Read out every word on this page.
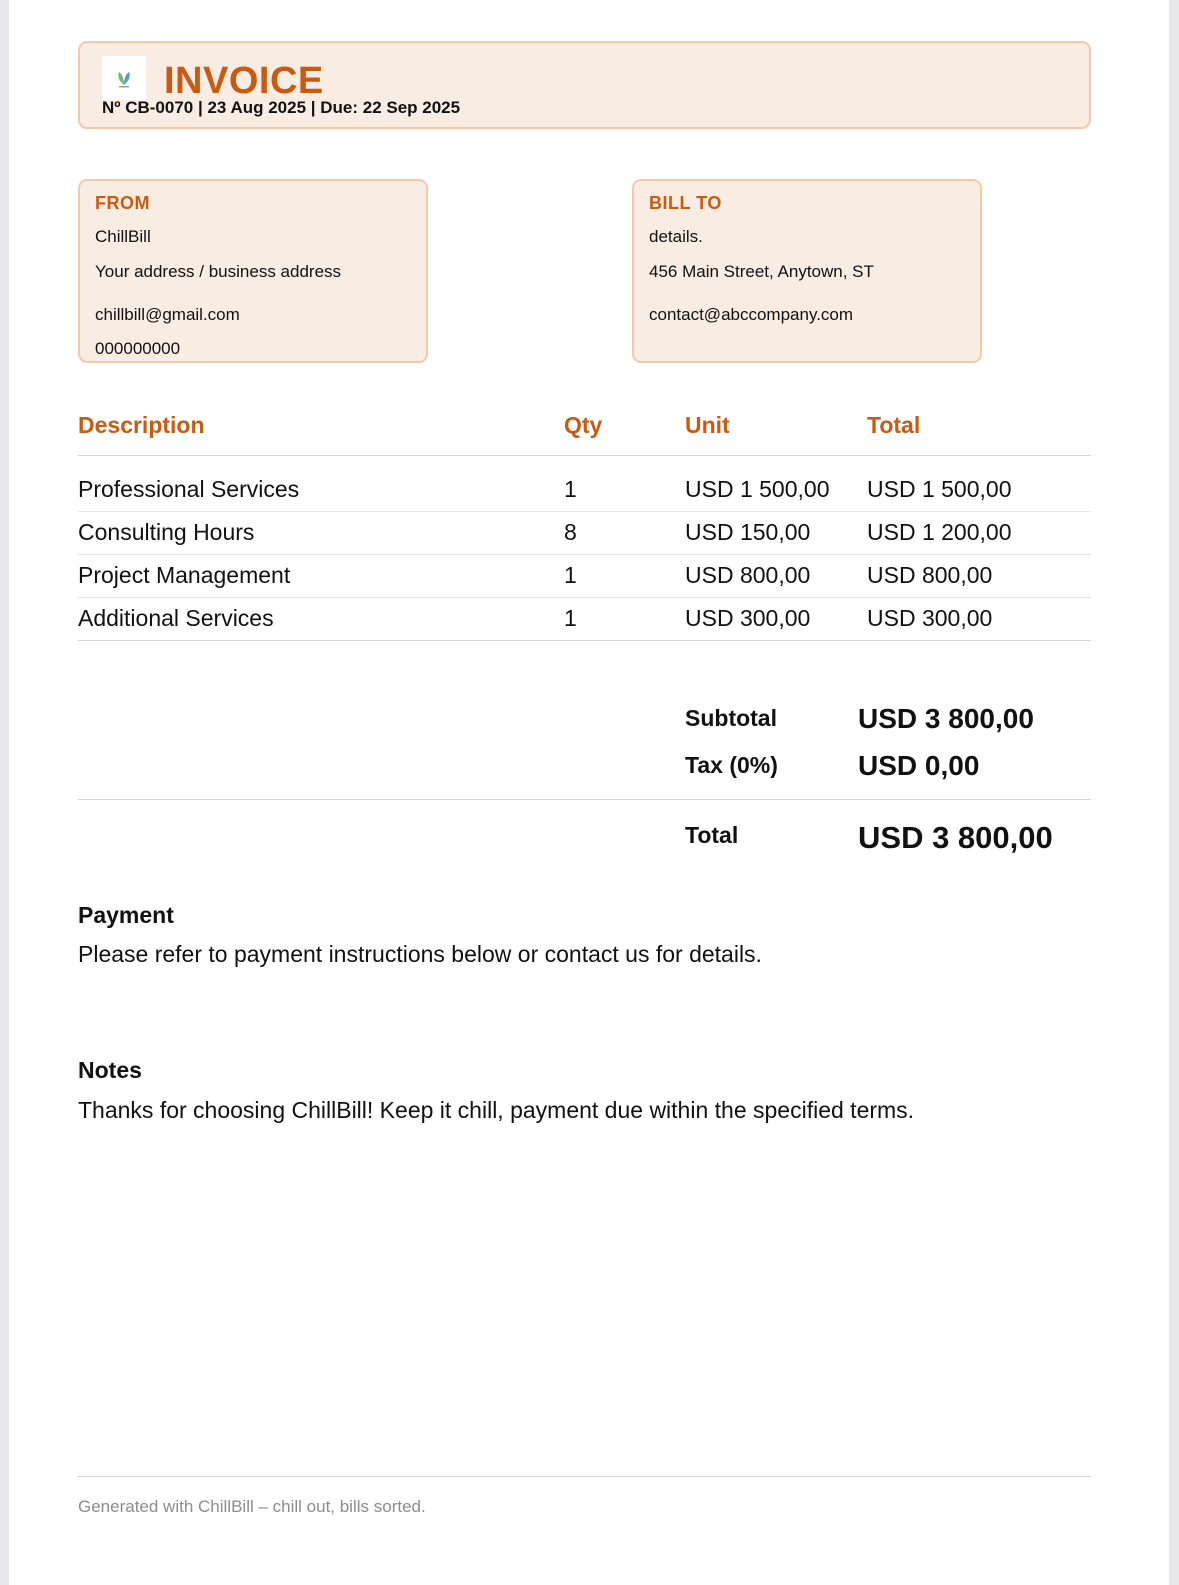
INVOICE
Nº CB-0070 | 23 Aug 2025 | Due: 22 Sep 2025
FROM
ChillBill
Your address / business address
chillbill@gmail.com
000000000
BILL TO
details.
456 Main Street, Anytown, ST
contact@abccompany.com
Description	Qty	Unit	Total
Professional Services	1	USD 1 500,00 USD 1 500,00
Consulting Hours	8	USD 150,00 USD 1 200,00
Project Management	1	USD 800,00 USD 800,00
Additional Services	1	USD 300,00 USD 300,00
Subtotal	USD 3 800,00
Tax (0%)	USD 0,00
Total	USD 3 800,00
Payment
Please refer to payment instructions below or contact us for details.
Notes
Thanks for choosing ChillBill! Keep it chill, payment due within the specified terms.
Generated with ChillBill – chill out, bills sorted.
